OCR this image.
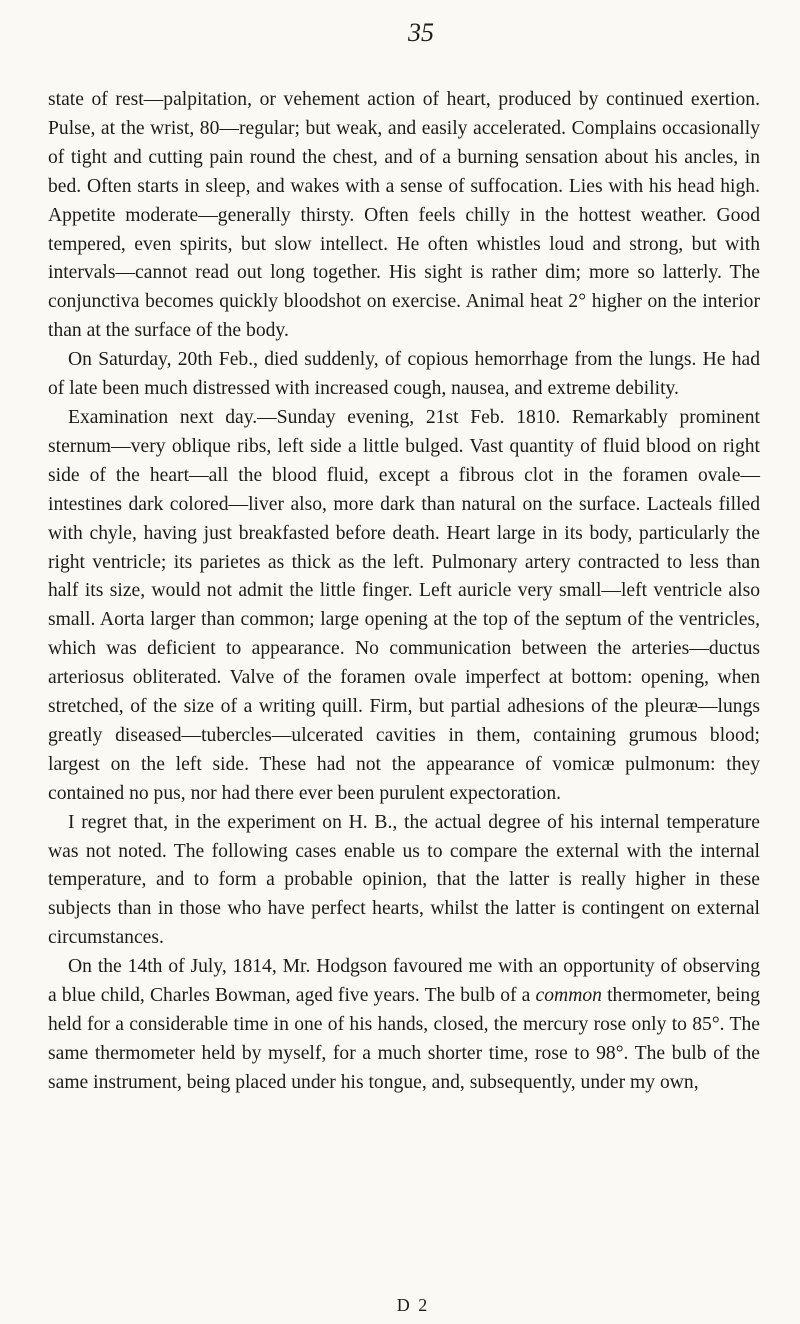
35

state of rest—palpitation, or vehement action of heart, produced by continued exertion. Pulse, at the wrist, 80—regular; but weak, and easily accelerated. Complains occasionally of tight and cutting pain round the chest, and of a burning sensation about his ancles, in bed. Often starts in sleep, and wakes with a sense of suffocation. Lies with his head high. Appetite moderate—generally thirsty. Often feels chilly in the hottest weather. Good tempered, even spirits, but slow intellect. He often whistles loud and strong, but with intervals—cannot read out long together. His sight is rather dim; more so latterly. The conjunctiva becomes quickly bloodshot on exercise. Animal heat 2° higher on the interior than at the surface of the body.

On Saturday, 20th Feb., died suddenly, of copious hemorrhage from the lungs. He had of late been much distressed with increased cough, nausea, and extreme debility.

Examination next day.—Sunday evening, 21st Feb. 1810. Remarkably prominent sternum—very oblique ribs, left side a little bulged. Vast quantity of fluid blood on right side of the heart—all the blood fluid, except a fibrous clot in the foramen ovale—intestines dark colored—liver also, more dark than natural on the surface. Lacteals filled with chyle, having just breakfasted before death. Heart large in its body, particularly the right ventricle; its parietes as thick as the left. Pulmonary artery contracted to less than half its size, would not admit the little finger. Left auricle very small—left ventricle also small. Aorta larger than common; large opening at the top of the septum of the ventricles, which was deficient to appearance. No communication between the arteries—ductus arteriosus obliterated. Valve of the foramen ovale imperfect at bottom: opening, when stretched, of the size of a writing quill. Firm, but partial adhesions of the pleuræ—lungs greatly diseased—tubercles—ulcerated cavities in them, containing grumous blood; largest on the left side. These had not the appearance of vomicæ pulmonum: they contained no pus, nor had there ever been purulent expectoration.

I regret that, in the experiment on H. B., the actual degree of his internal temperature was not noted. The following cases enable us to compare the external with the internal temperature, and to form a probable opinion, that the latter is really higher in these subjects than in those who have perfect hearts, whilst the latter is contingent on external circumstances.

On the 14th of July, 1814, Mr. Hodgson favoured me with an opportunity of observing a blue child, Charles Bowman, aged five years. The bulb of a common thermometer, being held for a considerable time in one of his hands, closed, the mercury rose only to 85°. The same thermometer held by myself, for a much shorter time, rose to 98°. The bulb of the same instrument, being placed under his tongue, and, subsequently, under my own,

D 2
